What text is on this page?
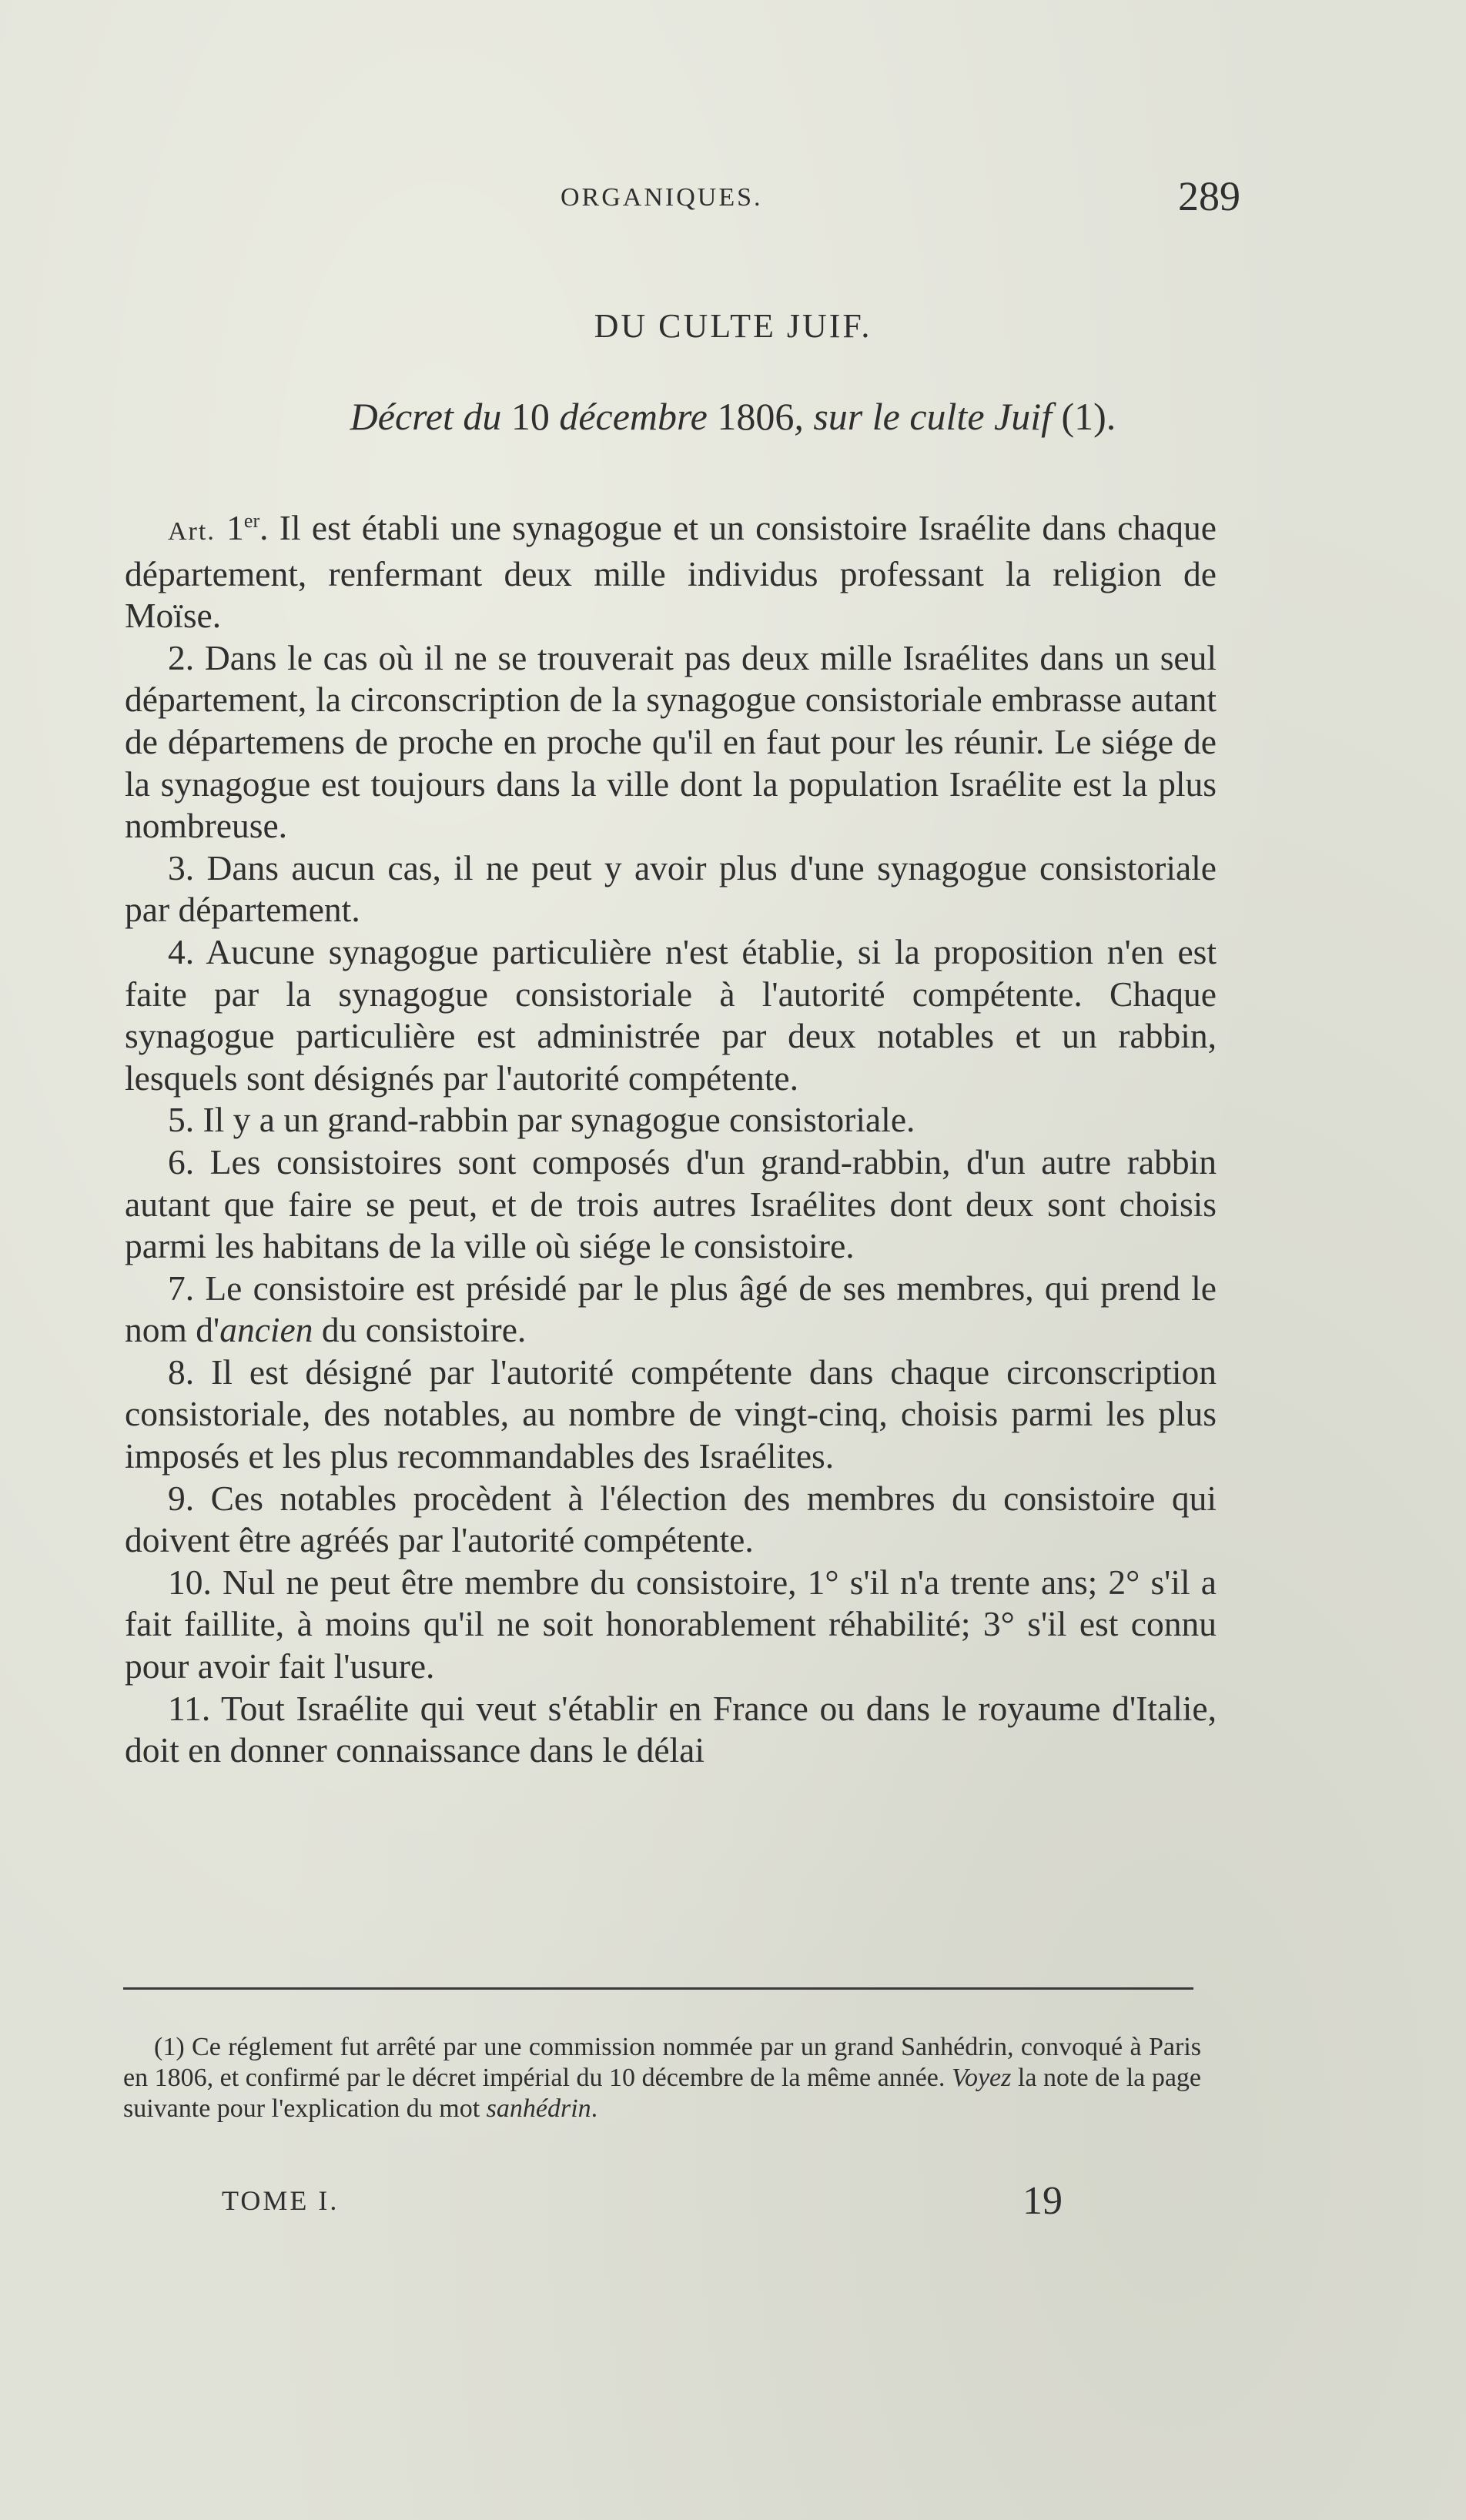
ORGANIQUES.	289
DU CULTE JUIF.
Décret du 10 décembre 1806, sur le culte Juif (1).

Art. 1er. Il est établi une synagogue et un consistoire Israélite dans chaque département, renfermant deux mille individus professant la religion de Moïse.

2. Dans le cas où il ne se trouverait pas deux mille Israélites dans un seul département, la circonscription de la synagogue consistoriale embrasse autant de départemens de proche en proche qu'il en faut pour les réunir. Le siége de la synagogue est toujours dans la ville dont la population Israélite est la plus nombreuse.

3. Dans aucun cas, il ne peut y avoir plus d'une synagogue consistoriale par département.

4. Aucune synagogue particulière n'est établie, si la proposition n'en est faite par la synagogue consistoriale à l'autorité compétente. Chaque synagogue particulière est administrée par deux notables et un rabbin, lesquels sont désignés par l'autorité compétente.

5. Il y a un grand-rabbin par synagogue consistoriale.

6. Les consistoires sont composés d'un grand-rabbin, d'un autre rabbin autant que faire se peut, et de trois autres Israélites dont deux sont choisis parmi les habitans de la ville où siége le consistoire.

7. Le consistoire est présidé par le plus âgé de ses membres, qui prend le nom d'ancien du consistoire.

8. Il est désigné par l'autorité compétente dans chaque circonscription consistoriale, des notables, au nombre de vingt-cinq, choisis parmi les plus imposés et les plus recommandables des Israélites.

9. Ces notables procèdent à l'élection des membres du consistoire qui doivent être agréés par l'autorité compétente.

10. Nul ne peut être membre du consistoire, 1° s'il n'a trente ans; 2° s'il a fait faillite, à moins qu'il ne soit honorablement réhabilité; 3° s'il est connu pour avoir fait l'usure.

11. Tout Israélite qui veut s'établir en France ou dans le royaume d'Italie, doit en donner connaissance dans le délai

(1) Ce réglement fut arrêté par une commission nommée par un grand Sanhédrin, convoqué à Paris en 1806, et confirmé par le décret impérial du 10 décembre de la même année. Voyez la note de la page suivante pour l'explication du mot sanhédrin.

TOME I.	19
